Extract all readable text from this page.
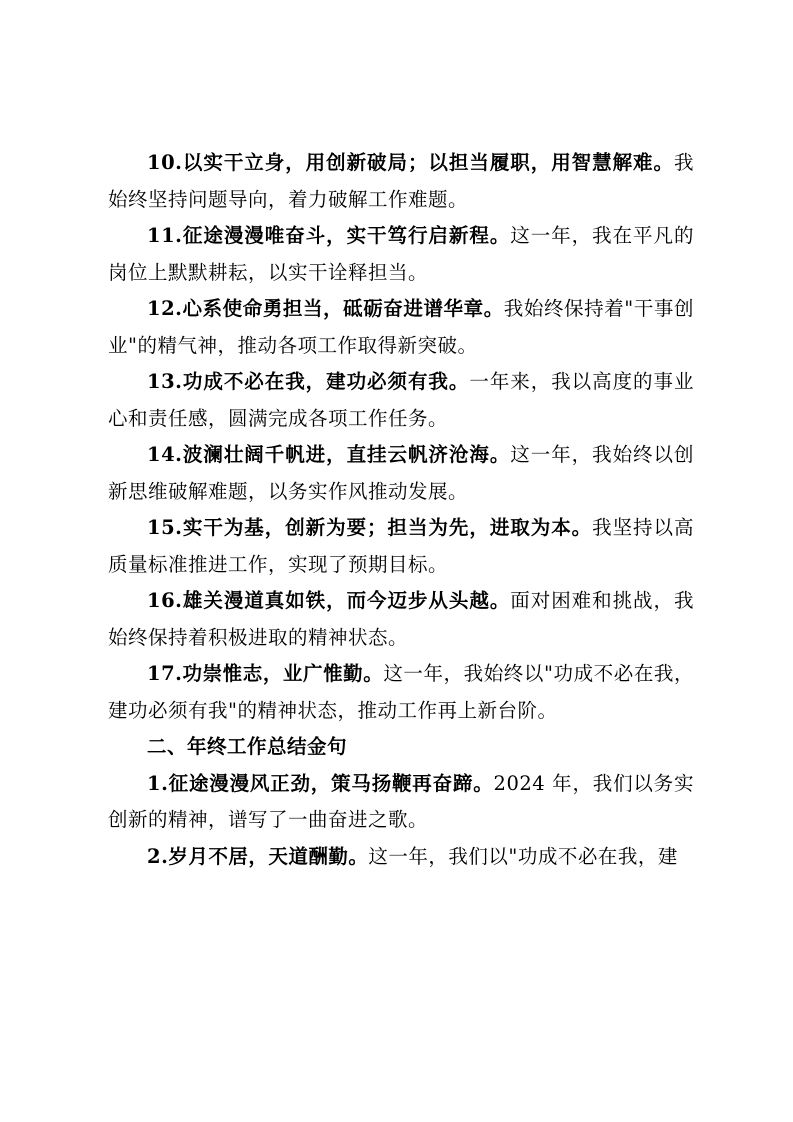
10.以实干立身，用创新破局；以担当履职，用智慧解难。我始终坚持问题导向，着力破解工作难题。

11.征途漫漫唯奋斗，实干笃行启新程。这一年，我在平凡的岗位上默默耕耘，以实干诠释担当。

12.心系使命勇担当，砥砺奋进谱华章。我始终保持着"干事创业"的精气神，推动各项工作取得新突破。

13.功成不必在我，建功必须有我。一年来，我以高度的事业心和责任感，圆满完成各项工作任务。

14.波澜壮阔千帆进，直挂云帆济沧海。这一年，我始终以创新思维破解难题，以务实作风推动发展。

15.实干为基，创新为要；担当为先，进取为本。我坚持以高质量标准推进工作，实现了预期目标。

16.雄关漫道真如铁，而今迈步从头越。面对困难和挑战，我始终保持着积极进取的精神状态。

17.功崇惟志，业广惟勤。这一年，我始终以"功成不必在我，建功必须有我"的精神状态，推动工作再上新台阶。

二、年终工作总结金句

1.征途漫漫风正劲，策马扬鞭再奋蹄。2024 年，我们以务实创新的精神，谱写了一曲奋进之歌。

2.岁月不居，天道酬勤。这一年，我们以"功成不必在我，建
